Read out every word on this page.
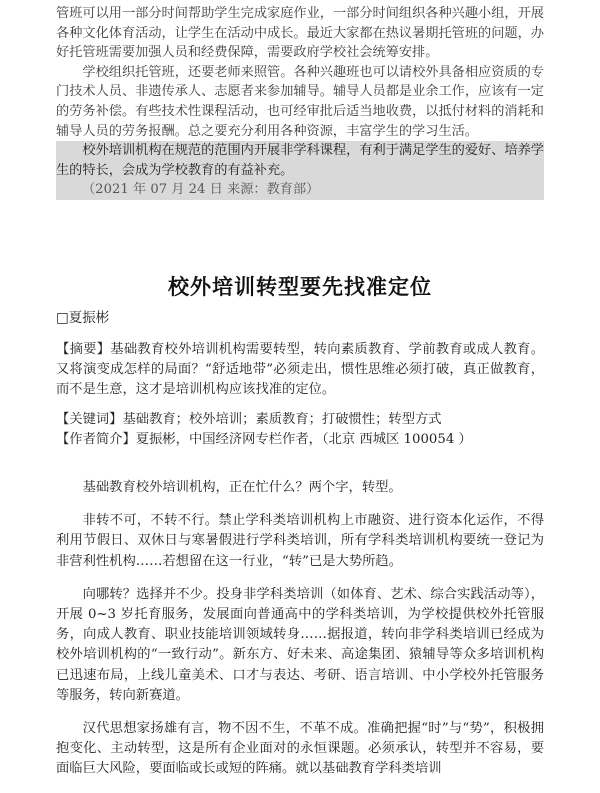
管班可以用一部分时间帮助学生完成家庭作业，一部分时间组织各种兴趣小组，开展各种文化体育活动，让学生在活动中成长。最近大家都在热议暑期托管班的问题，办好托管班需要加强人员和经费保障，需要政府学校社会统筹安排。

学校组织托管班，还要老师来照管。各种兴趣班也可以请校外具备相应资质的专门技术人员、非遗传承人、志愿者来参加辅导。辅导人员都是业余工作，应该有一定的劳务补偿。有些技术性课程活动，也可经审批后适当地收费，以抵付材料的消耗和辅导人员的劳务报酬。总之要充分利用各种资源，丰富学生的学习生活。

校外培训机构在规范的范围内开展非学科课程，有利于满足学生的爱好、培养学生的特长，会成为学校教育的有益补充。

（2021 年 07 月 24 日 来源：教育部）
校外培训转型要先找准定位
□夏振彬

【摘要】基础教育校外培训机构需要转型，转向素质教育、学前教育或成人教育。又将演变成怎样的局面？“舒适地带”必须走出，惯性思维必须打破，真正做教育，而不是生意，这才是培训机构应该找准的定位。

【关键词】基础教育；校外培训；素质教育；打破惯性；转型方式

【作者简介】夏振彬，中国经济网专栏作者，（北京 西城区 100054 ）

基础教育校外培训机构，正在忙什么？两个字，转型。

非转不可，不转不行。禁止学科类培训机构上市融资、进行资本化运作，不得利用节假日、双休日与寒暑假进行学科类培训，所有学科类培训机构要统一登记为非营利性机构……若想留在这一行业，“转”已是大势所趋。

向哪转？选择并不少。投身非学科类培训（如体育、艺术、综合实践活动等），开展 0~3 岁托育服务，发展面向普通高中的学科类培训，为学校提供校外托管服务，向成人教育、职业技能培训领域转身……据报道，转向非学科类培训已经成为校外培训机构的“一致行动”。新东方、好未来、高途集团、猿辅导等众多培训机构已迅速布局，上线儿童美术、口才与表达、考研、语言培训、中小学校外托管服务等服务，转向新赛道。

汉代思想家扬雄有言，物不因不生，不革不成。准确把握“时”与“势”，积极拥抱变化、主动转型，这是所有企业面对的永恒课题。必须承认，转型并不容易，要面临巨大风险，要面临或长或短的阵痛。就以基础教育学科类培训
